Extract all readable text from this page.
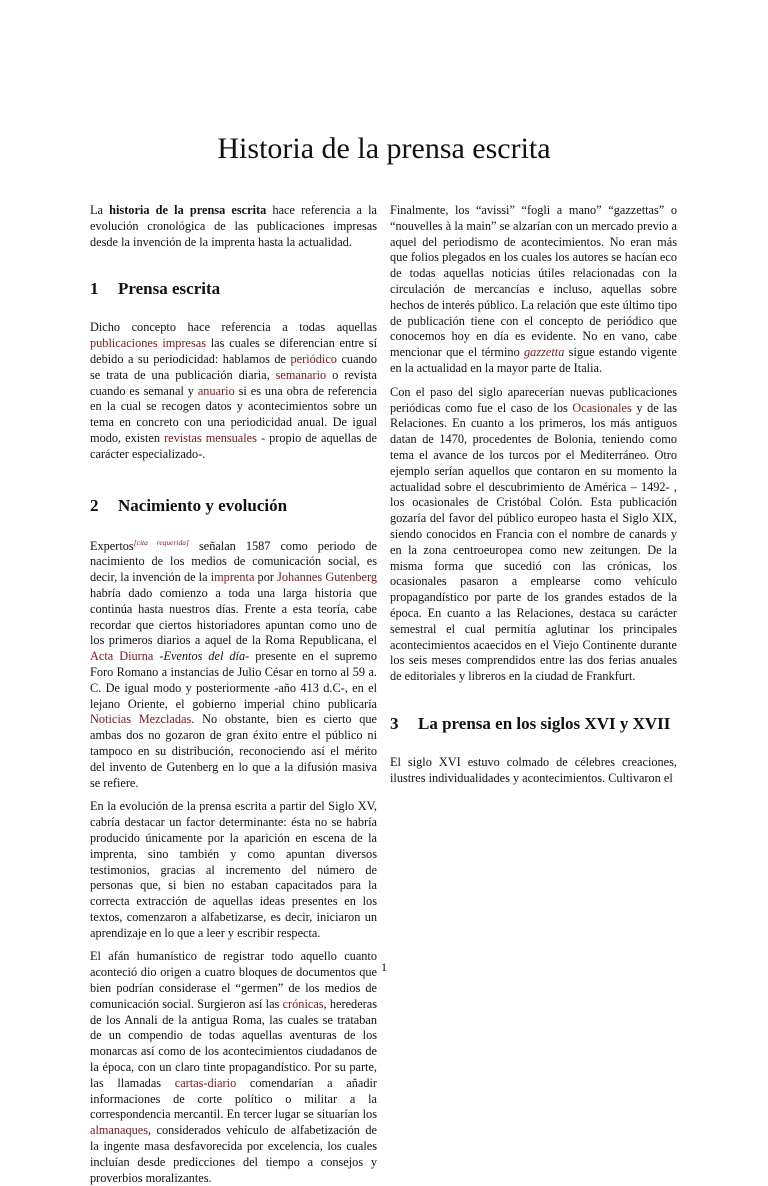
Historia de la prensa escrita

La historia de la prensa escrita hace referencia a la evolución cronológica de las publicaciones impresas desde la invención de la imprenta hasta la actualidad.

1 Prensa escrita

Dicho concepto hace referencia a todas aquellas publicaciones impresas las cuales se diferencian entre sí debido a su periodicidad: hablamos de periódico cuando se trata de una publicación diaria, semanario o revista cuando es semanal y anuario si es una obra de referencia en la cual se recogen datos y acontecimientos sobre un tema en concreto con una periodicidad anual. De igual modo, existen revistas mensuales - propio de aquellas de carácter especializado-.

2 Nacimiento y evolución

Expertos[cita requerida] señalan 1587 como periodo de nacimiento de los medios de comunicación social, es decir, la invención de la imprenta por Johannes Gutenberg habría dado comienzo a toda una larga historia que continúa hasta nuestros días. Frente a esta teoría, cabe recordar que ciertos historiadores apuntan como uno de los primeros diarios a aquel de la Roma Republicana, el Acta Diurna -Eventos del día- presente en el supremo Foro Romano a instancias de Julio César en torno al 59 a. C. De igual modo y posteriormente -año 413 d.C-, en el lejano Oriente, el gobierno imperial chino publicaría Noticias Mezcladas. No obstante, bien es cierto que ambas dos no gozaron de gran éxito entre el público ni tampoco en su distribución, reconociendo así el mérito del invento de Gutenberg en lo que a la difusión masiva se refiere.

En la evolución de la prensa escrita a partir del Siglo XV, cabría destacar un factor determinante: ésta no se habría producido únicamente por la aparición en escena de la imprenta, sino también y como apuntan diversos testimonios, gracias al incremento del número de personas que, si bien no estaban capacitados para la correcta extracción de aquellas ideas presentes en los textos, comenzaron a alfabetizarse, es decir, iniciaron un aprendizaje en lo que a leer y escribir respecta.

El afán humanístico de registrar todo aquello cuanto aconteció dio origen a cuatro bloques de documentos que bien podrían considerase el “germen” de los medios de comunicación social. Surgieron así las crónicas, herederas de los Annali de la antigua Roma, las cuales se trataban de un compendio de todas aquellas aventuras de los monarcas así como de los acontecimientos ciudadanos de la época, con un claro tinte propagandístico. Por su parte, las llamadas cartas-diario comendarían a añadir informaciones de corte político o militar a la correspondencia mercantil. En tercer lugar se situarían los almanaques, considerados vehículo de alfabetización de la ingente masa desfavorecida por excelencia, los cuales incluían desde predicciones del tiempo a consejos y proverbios moralizantes.

Finalmente, los “avissi” “fogli a mano” “gazzettas” o “nouvelles à la main” se alzarían con un mercado previo a aquel del periodismo de acontecimientos. No eran más que folios plegados en los cuales los autores se hacían eco de todas aquellas noticias útiles relacionadas con la circulación de mercancías e incluso, aquellas sobre hechos de interés público. La relación que este último tipo de publicación tiene con el concepto de periódico que conocemos hoy en día es evidente. No en vano, cabe mencionar que el término gazzetta sigue estando vigente en la actualidad en la mayor parte de Italia.

Con el paso del siglo aparecerían nuevas publicaciones periódicas como fue el caso de los Ocasionales y de las Relaciones. En cuanto a los primeros, los más antiguos datan de 1470, procedentes de Bolonia, teniendo como tema el avance de los turcos por el Mediterráneo. Otro ejemplo serían aquellos que contaron en su momento la actualidad sobre el descubrimiento de América – 1492- , los ocasionales de Cristóbal Colón. Esta publicación gozaría del favor del público europeo hasta el Siglo XIX, siendo conocidos en Francia con el nombre de canards y en la zona centroeuropea como new zeitungen. De la misma forma que sucedió con las crónicas, los ocasionales pasaron a emplearse como vehículo propagandístico por parte de los grandes estados de la época. En cuanto a las Relaciones, destaca su carácter semestral el cual permitía aglutinar los principales acontecimientos acaecidos en el Viejo Continente durante los seis meses comprendidos entre las dos ferias anuales de editoriales y libreros en la ciudad de Frankfurt.

3	La prensa en los siglos XVI y XVII

El siglo XVI estuvo colmado de célebres creaciones, ilustres individualidades y acontecimientos. Cultivaron el

1
